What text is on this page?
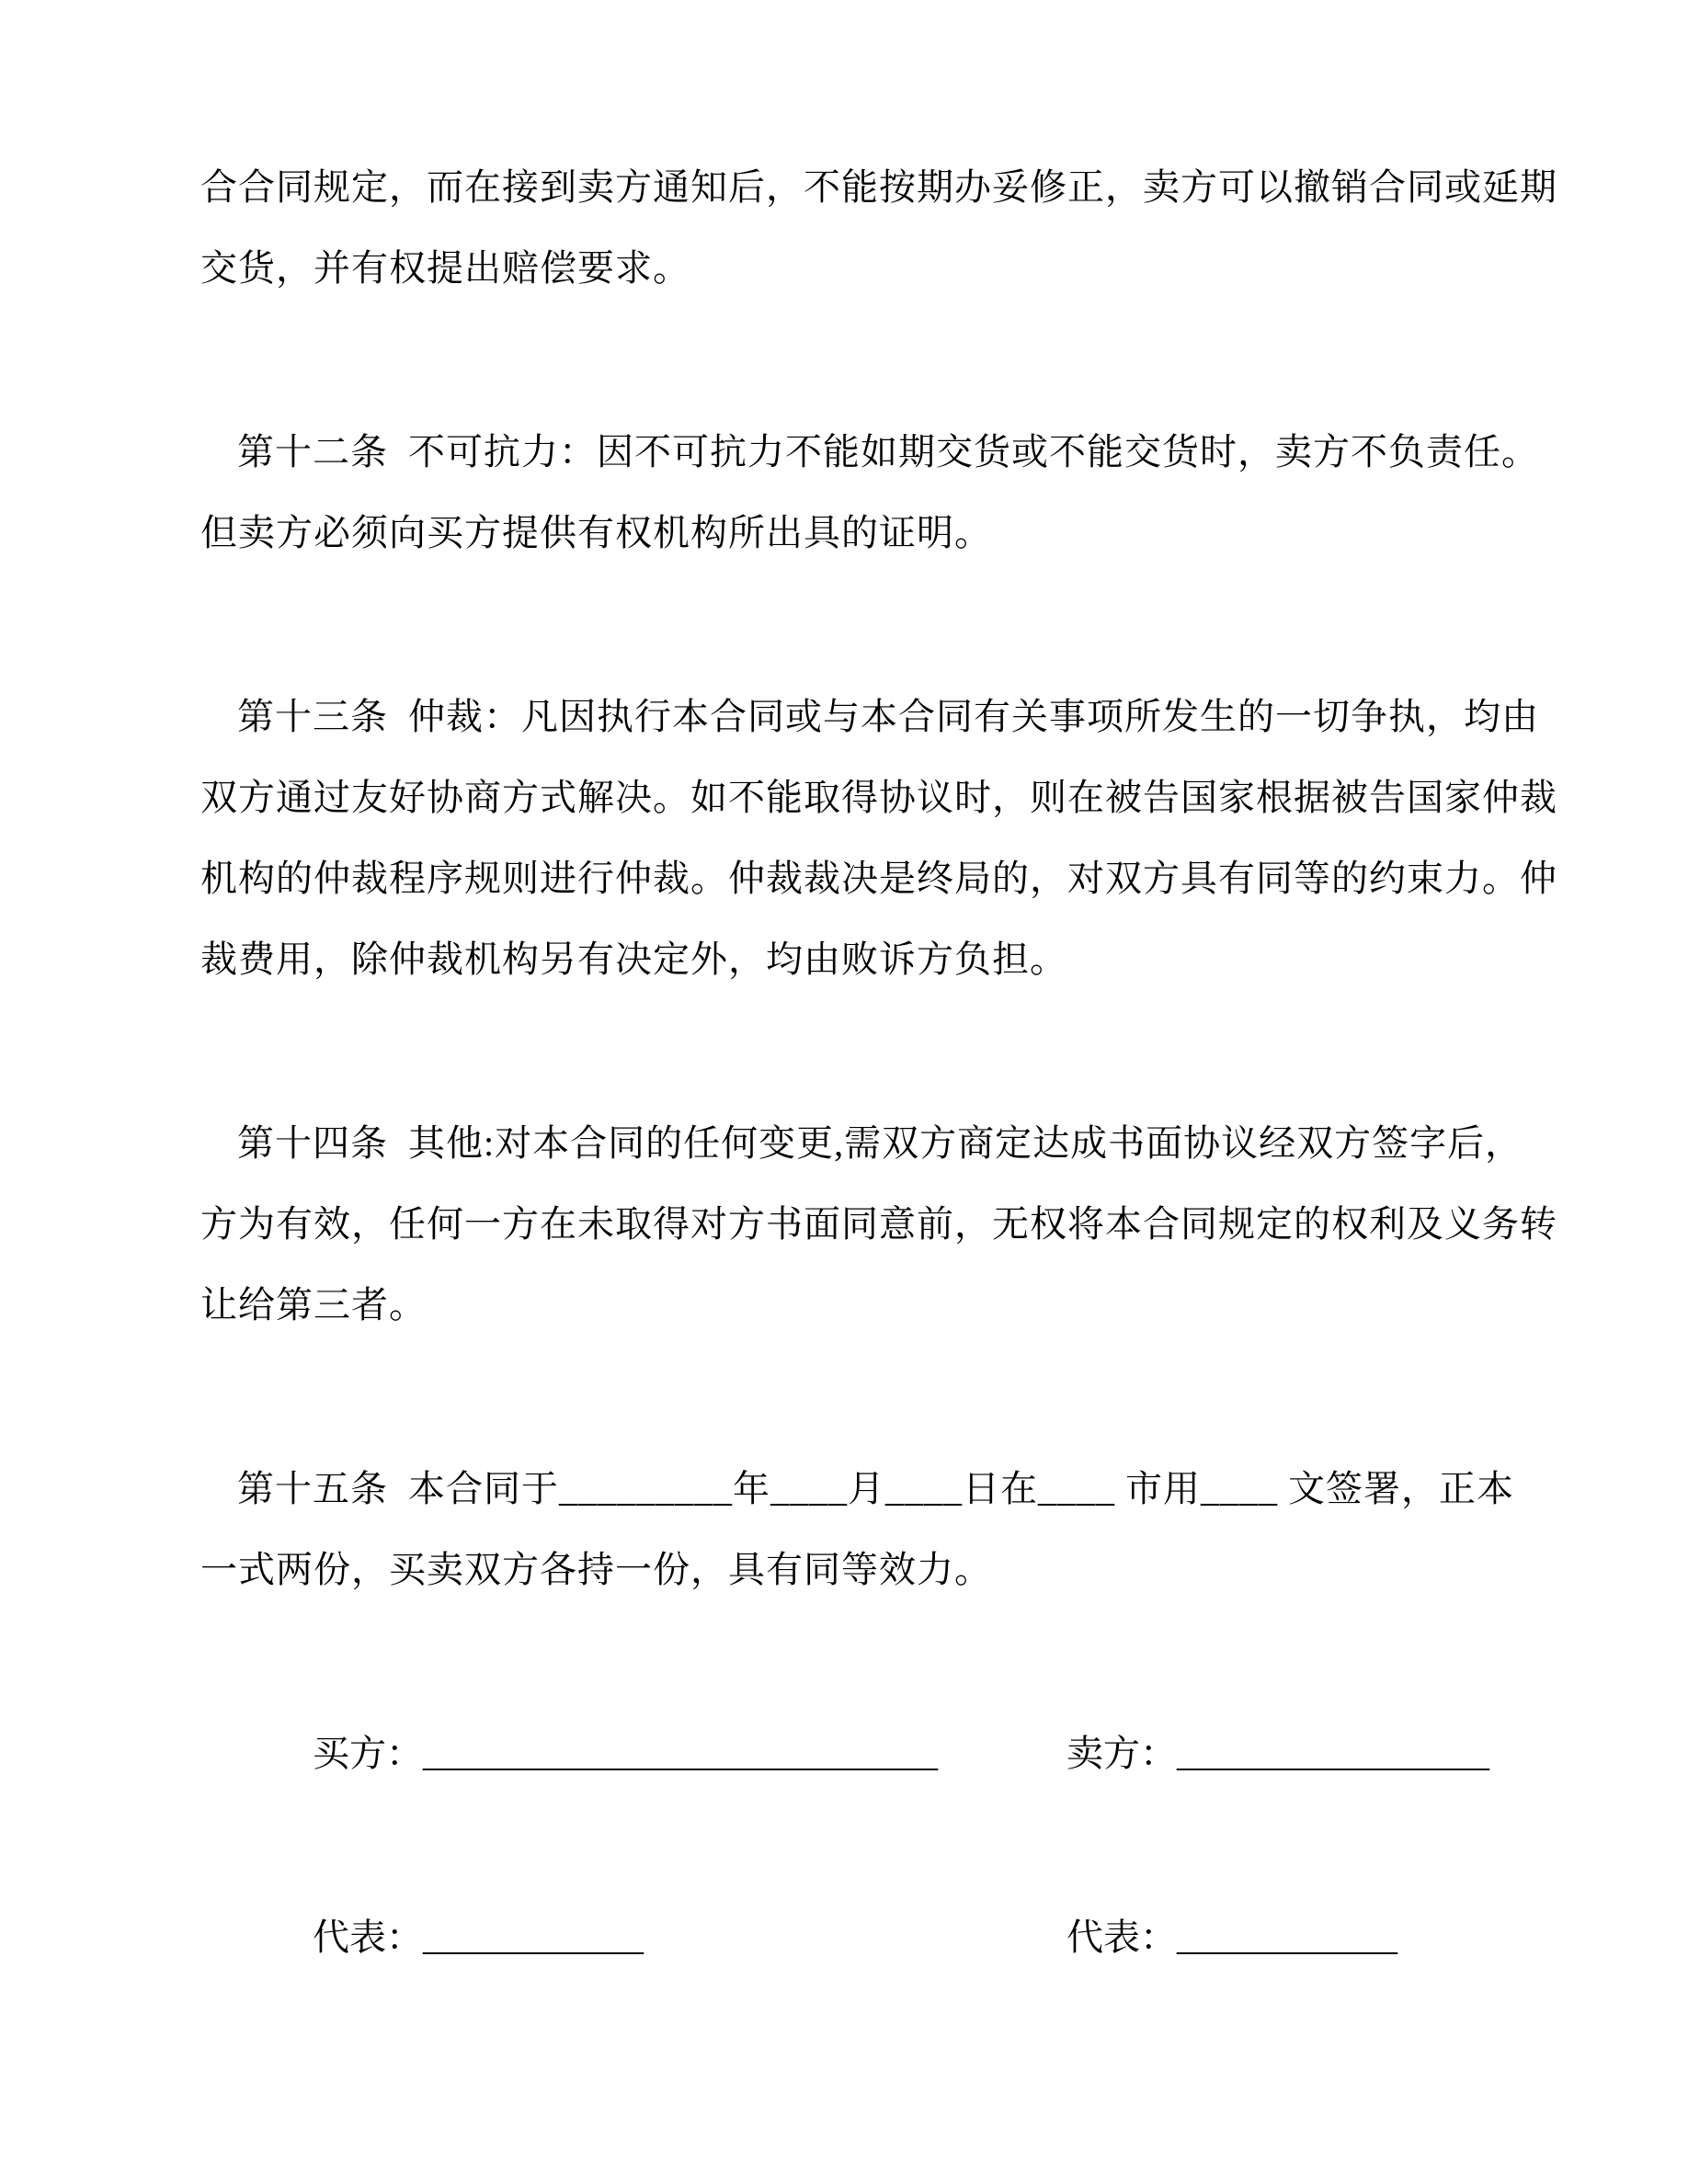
合合同规定，而在接到卖方通知后，不能按期办妥修正，卖方可以撤销合同或延期
交货，并有权提出赔偿要求。
第十二条  不可抗力：因不可抗力不能如期交货或不能交货时，卖方不负责任。
但卖方必须向买方提供有权机构所出具的证明。
第十三条  仲裁：凡因执行本合同或与本合同有关事项所发生的一切争执，均由
双方通过友好协商方式解决。如不能取得协议时，则在被告国家根据被告国家仲裁
机构的仲裁程序规则进行仲裁。仲裁裁决是终局的，对双方具有同等的约束力。仲
裁费用，除仲裁机构另有决定外，均由败诉方负担。
第十四条  其他:对本合同的任何变更,需双方商定达成书面协议经双方签字后，
方为有效，任何一方在未取得对方书面同意前，无权将本合同规定的权利及义务转
让给第三者。
第十五条  本合同于_________年____月____日在____ 市用____ 文签署，正本
一式两份，买卖双方各持一份，具有同等效力。
买方：____________________________	卖方：_________________
代表：____________	代表：____________
